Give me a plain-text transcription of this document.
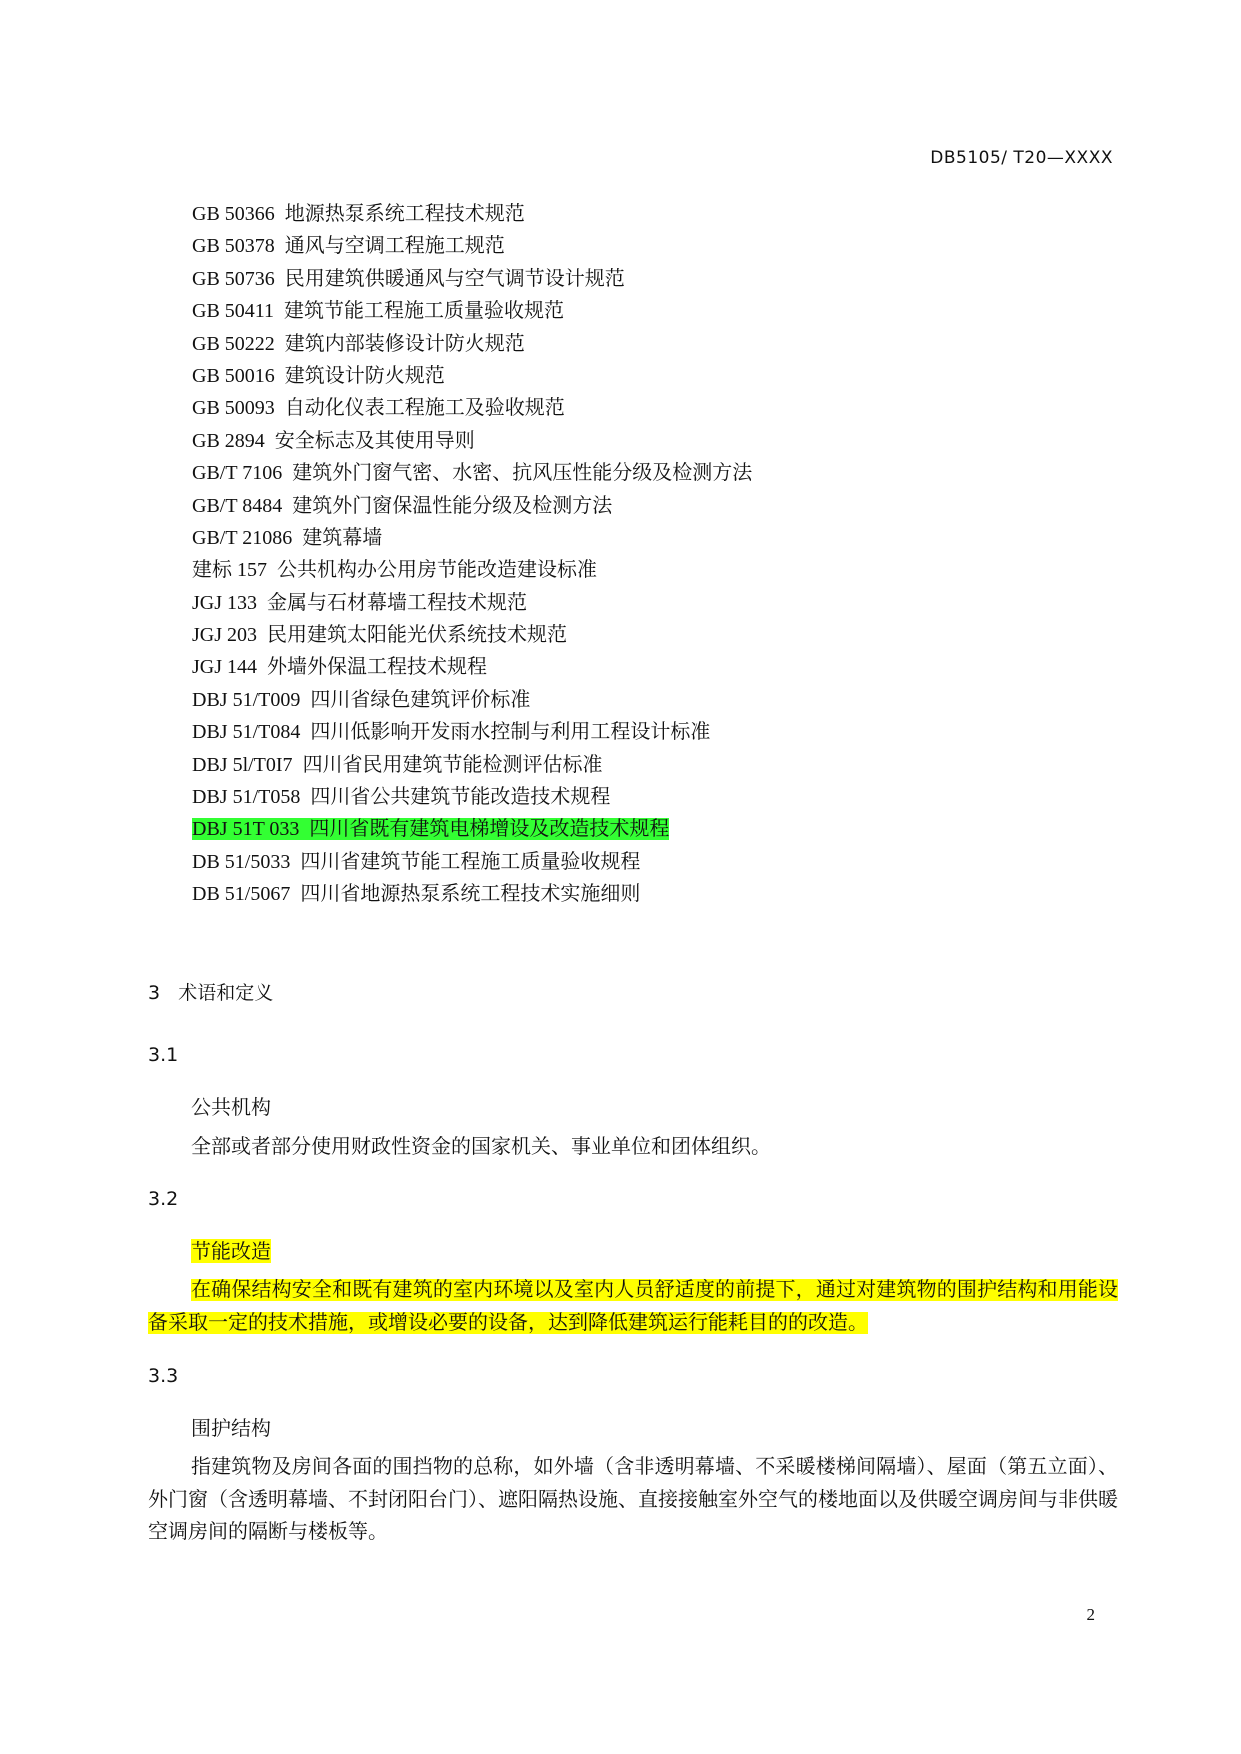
DB5105/ T20—XXXX
GB 50366 地源热泵系统工程技术规范
GB 50378 通风与空调工程施工规范
GB 50736 民用建筑供暖通风与空气调节设计规范
GB 50411 建筑节能工程施工质量验收规范
GB 50222 建筑内部装修设计防火规范
GB 50016 建筑设计防火规范
GB 50093 自动化仪表工程施工及验收规范
GB 2894 安全标志及其使用导则
GB/T 7106 建筑外门窗气密、水密、抗风压性能分级及检测方法
GB/T 8484 建筑外门窗保温性能分级及检测方法
GB/T 21086 建筑幕墙
建标 157 公共机构办公用房节能改造建设标准
JGJ 133 金属与石材幕墙工程技术规范
JGJ 203 民用建筑太阳能光伏系统技术规范
JGJ 144 外墙外保温工程技术规程
DBJ 51/T009 四川省绿色建筑评价标准
DBJ 51/T084 四川低影响开发雨水控制与利用工程设计标准
DBJ 5l/T0I7 四川省民用建筑节能检测评估标准
DBJ 51/T058 四川省公共建筑节能改造技术规程
DBJ 51T 033 四川省既有建筑电梯增设及改造技术规程
DB 51/5033 四川省建筑节能工程施工质量验收规程
DB 51/5067 四川省地源热泵系统工程技术实施细则
3 术语和定义
3.1
公共机构
全部或者部分使用财政性资金的国家机关、事业单位和团体组织。
3.2
节能改造
在确保结构安全和既有建筑的室内环境以及室内人员舒适度的前提下，通过对建筑物的围护结构和用能设备采取一定的技术措施，或增设必要的设备，达到降低建筑运行能耗目的的改造。
3.3
围护结构
指建筑物及房间各面的围挡物的总称，如外墙（含非透明幕墙、不采暖楼梯间隔墙）、屋面（第五立面）、外门窗（含透明幕墙、不封闭阳台门）、遮阳隔热设施、直接接触室外空气的楼地面以及供暖空调房间与非供暖空调房间的隔断与楼板等。
2
